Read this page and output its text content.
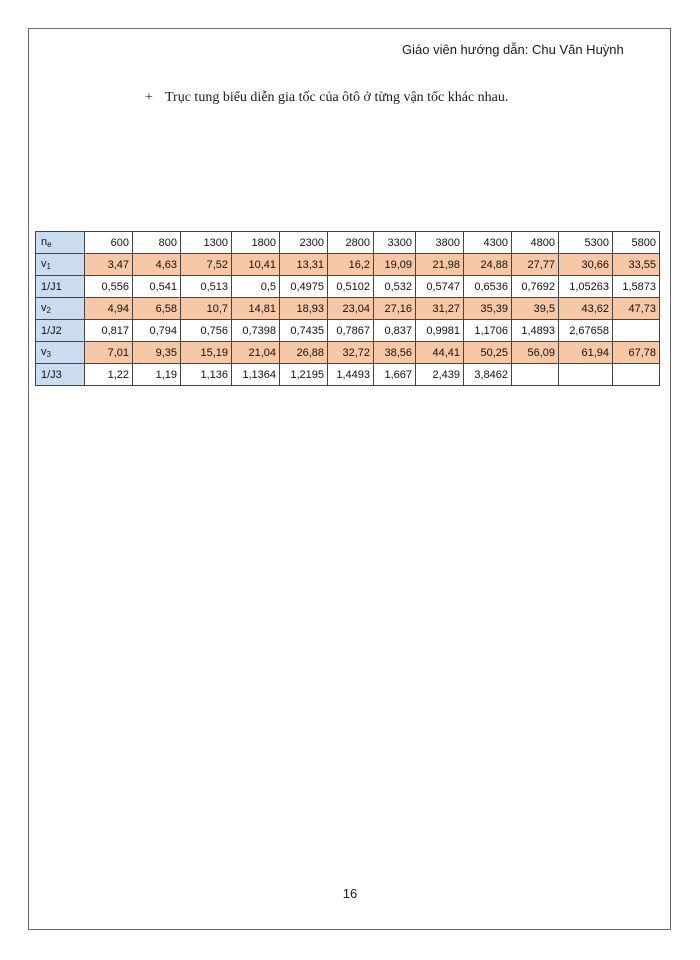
Giáo viên hướng dẫn: Chu Văn Huỳnh
+ Trục tung biểu diễn gia tốc của ôtô ở từng vận tốc khác nhau.
$n_e$	600	800	1300	1800	2300	2800	3300	3800	4300	4800	5300	5800
$v_1$	3,47	4,63	7,52	10,41	13,31	16,2	19,09	21,98	24,88	27,77	30,66	33,55
1/J1	0,556	0,541	0,513	0,5	0,4975	0,5102	0,532	0,5747	0,6536	0,7692	1,05263	1,5873
$v_2$	4,94	6,58	10,7	14,81	18,93	23,04	27,16	31,27	35,39	39,5	43,62	47,73
1/J2	0,817	0,794	0,756	0,7398	0,7435	0,7867	0,837	0,9981	1,1706	1,4893	2,67658	
$v_3$	7,01	9,35	15,19	21,04	26,88	32,72	38,56	44,41	50,25	56,09	61,94	67,78
1/J3	1,22	1,19	1,136	1,1364	1,2195	1,4493	1,667	2,439	3,8462			
16
